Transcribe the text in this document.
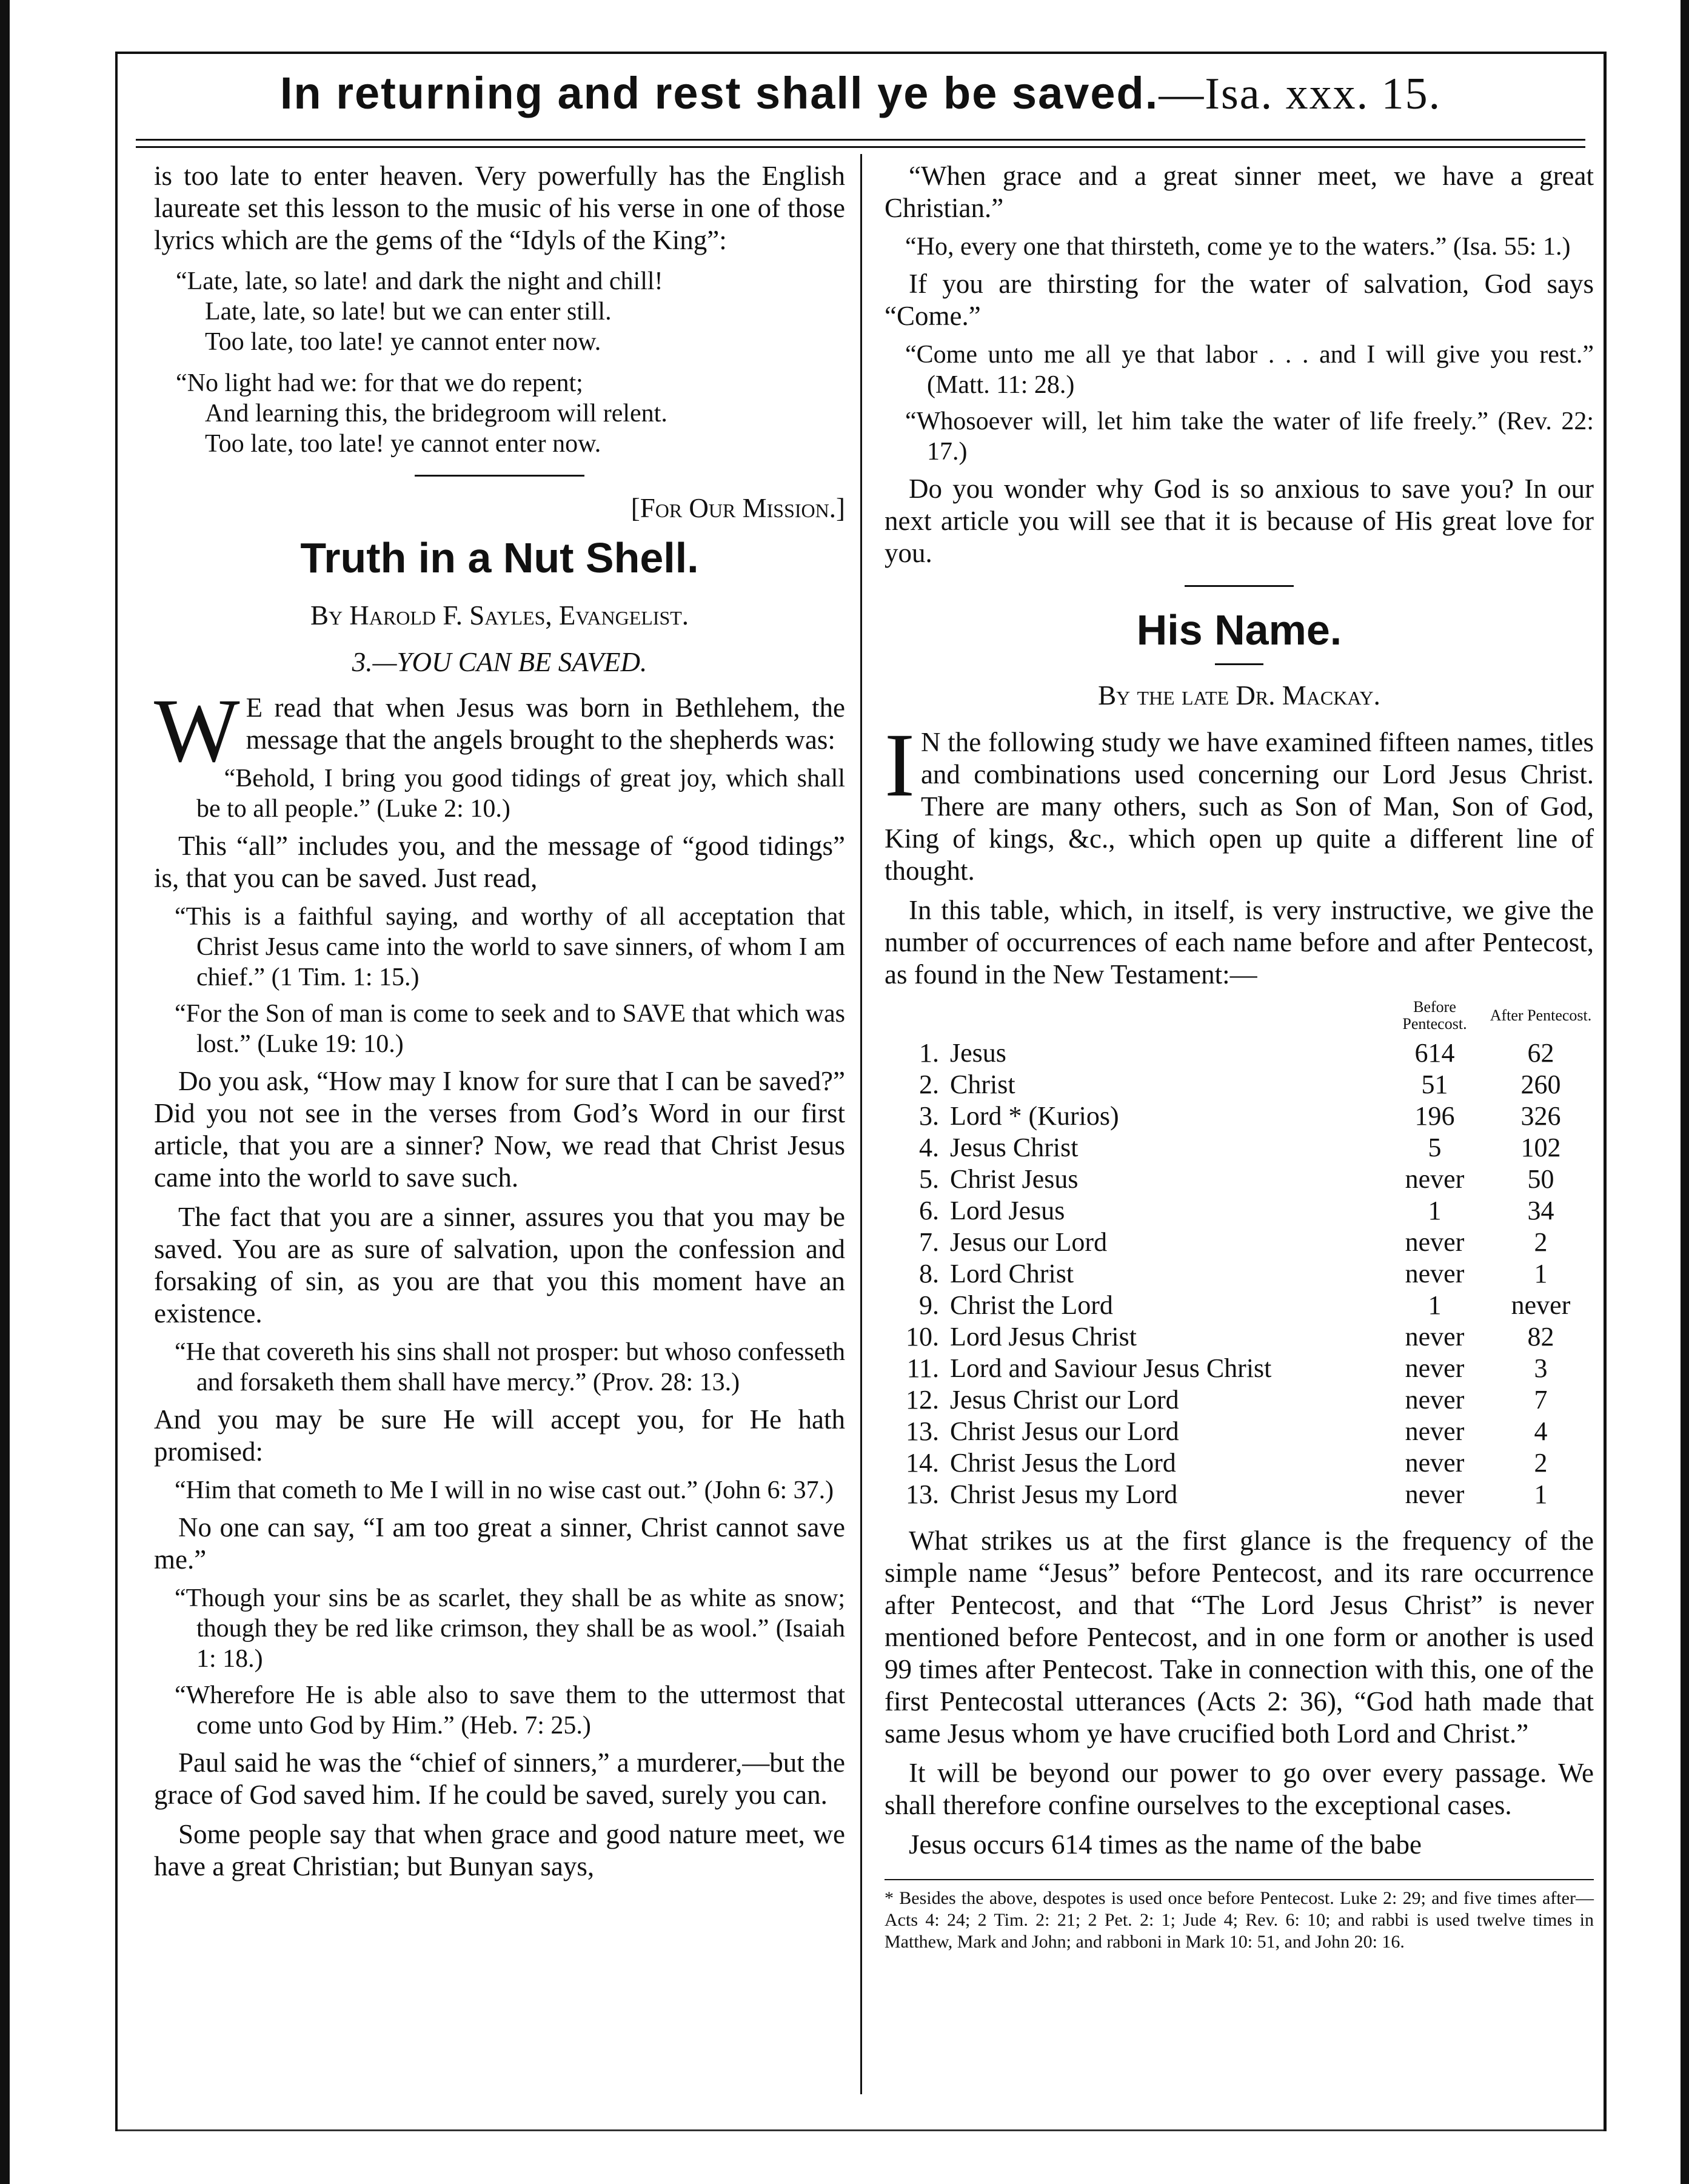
In returning and rest shall ye be saved.—Isa. xxx. 15.

is too late to enter heaven. Very powerfully has the English laureate set this lesson to the music of his verse in one of those lyrics which are the gems of the “Idyls of the King”:

“Late, late, so late! and dark the night and chill!
Late, late, so late! but we can enter still.
Too late, too late! ye cannot enter now.
“No light had we: for that we do repent;
And learning this, the bridegroom will relent.
Too late, too late! ye cannot enter now.
[For Our Mission.]
Truth in a Nut Shell.
By Harold F. Sayles, Evangelist.
3.—YOU CAN BE SAVED.

W E read that when Jesus was born in Bethlehem, the message that the angels brought to the shepherds was:

“Behold, I bring you good tidings of great joy, which shall be to all people.” (Luke 2: 10.)

This “all” includes you, and the message of “good tidings” is, that you can be saved. Just read,

“This is a faithful saying, and worthy of all acceptation that Christ Jesus came into the world to save sinners, of whom I am chief.” (1 Tim. 1: 15.)
“For the Son of man is come to seek and to SAVE that which was lost.” (Luke 19: 10.)

Do you ask, “How may I know for sure that I can be saved?” Did you not see in the verses from God’s Word in our first article, that you are a sinner? Now, we read that Christ Jesus came into the world to save such.

The fact that you are a sinner, assures you that you may be saved. You are as sure of salvation, upon the confession and forsaking of sin, as you are that you this moment have an existence.

“He that covereth his sins shall not prosper: but whoso confesseth and forsaketh them shall have mercy.” (Prov. 28: 13.)

And you may be sure He will accept you, for He hath promised:

“Him that cometh to Me I will in no wise cast out.” (John 6: 37.)

No one can say, “I am too great a sinner, Christ cannot save me.”

“Though your sins be as scarlet, they shall be as white as snow; though they be red like crimson, they shall be as wool.” (Isaiah 1: 18.)
“Wherefore He is able also to save them to the uttermost that come unto God by Him.” (Heb. 7: 25.)

Paul said he was the “chief of sinners,” a murderer,—but the grace of God saved him. If he could be saved, surely you can.

Some people say that when grace and good nature meet, we have a great Christian; but Bunyan says,

“When grace and a great sinner meet, we have a great Christian.”

“Ho, every one that thirsteth, come ye to the waters.” (Isa. 55: 1.)

If you are thirsting for the water of salvation, God says “Come.”

“Come unto me all ye that labor . . . and I will give you rest.” (Matt. 11: 28.)
“Whosoever will, let him take the water of life freely.” (Rev. 22: 17.)

Do you wonder why God is so anxious to save you? In our next article you will see that it is because of His great love for you.

His Name.
By the late Dr. Mackay.

I N the following study we have examined fifteen names, titles and combinations used concerning our Lord Jesus Christ. There are many others, such as Son of Man, Son of God, King of kings, &c., which open up quite a different line of thought.

In this table, which, in itself, is very instructive, we give the number of occurrences of each name before and after Pentecost, as found in the New Testament:—

		Before Pentecost.	After Pentecost.
1.	Jesus	614	62
2.	Christ	51	260
3.	Lord * (Kurios)	196	326
4.	Jesus Christ	5	102
5.	Christ Jesus	never	50
6.	Lord Jesus	1	34
7.	Jesus our Lord	never	2
8.	Lord Christ	never	1
9.	Christ the Lord	1	never
10.	Lord Jesus Christ	never	82
11.	Lord and Saviour Jesus Christ	never	3
12.	Jesus Christ our Lord	never	7
13.	Christ Jesus our Lord	never	4
14.	Christ Jesus the Lord	never	2
13.	Christ Jesus my Lord	never	1

What strikes us at the first glance is the frequency of the simple name “Jesus” before Pentecost, and its rare occurrence after Pentecost, and that “The Lord Jesus Christ” is never mentioned before Pentecost, and in one form or another is used 99 times after Pentecost. Take in connection with this, one of the first Pentecostal utterances (Acts 2: 36), “God hath made that same Jesus whom ye have crucified both Lord and Christ.”

It will be beyond our power to go over every passage. We shall therefore confine ourselves to the exceptional cases.

Jesus occurs 614 times as the name of the babe

* Besides the above, despotes is used once before Pentecost. Luke 2: 29; and five times after—Acts 4: 24; 2 Tim. 2: 21; 2 Pet. 2: 1; Jude 4; Rev. 6: 10; and rabbi is used twelve times in Matthew, Mark and John; and rabboni in Mark 10: 51, and John 20: 16.
